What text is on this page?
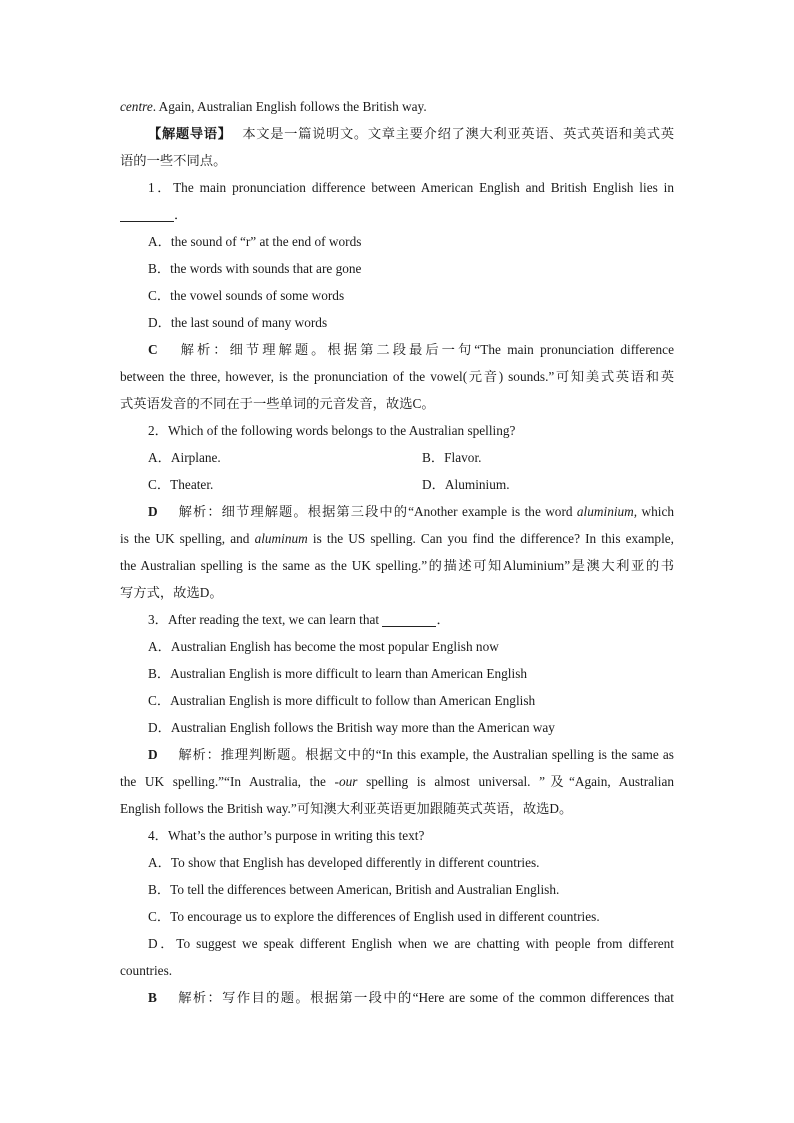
centre. Again, Australian English follows the British way.
【解题导语】 本文是一篇说明文。文章主要介绍了澳大利亚英语、英式英语和美式英
语的一些不同点。
1．The main pronunciation difference between American English and British English lies in
．
A．the sound of “r” at the end of words
B．the words with sounds that are gone
C．the vowel sounds of some words
D．the last sound of many words
C 解析：细节理解题。根据第二段最后一句“The main pronunciation difference
between the three, however, is the pronunciation of the vowel(元音) sounds.”可知美式英语和英
式英语发音的不同在于一些单词的元音发音，故选C。
2．Which of the following words belongs to the Australian spelling?
A．Airplane.	B．Flavor.
C．Theater.	D．Aluminium.
D 解析：细节理解题。根据第三段中的“Another example is the word aluminium, which
is the UK spelling, and aluminum is the US spelling. Can you find the difference? In this example,
the Australian spelling is the same as the UK spelling.”的描述可知Aluminium”是澳大利亚的书
写方式，故选D。
3．After reading the text, we can learn that	．
A．Australian English has become the most popular English now
B．Australian English is more difficult to learn than American English
C．Australian English is more difficult to follow than American English
D．Australian English follows the British way more than the American way
D 解析：推理判断题。根据文中的“In this example, the Australian spelling is the same as
the UK spelling.”“In Australia, the -our spelling is almost universal. ”及“Again, Australian
English follows the British way.”可知澳大利亚英语更加跟随英式英语，故选D。
4．What’s the author’s purpose in writing this text?
A．To show that English has developed differently in different countries.
B．To tell the differences between American, British and Australian English.
C．To encourage us to explore the differences of English used in different countries.
D．To suggest we speak different English when we are chatting with people from different
countries.
B 解析：写作目的题。根据第一段中的“Here are some of the common differences that
